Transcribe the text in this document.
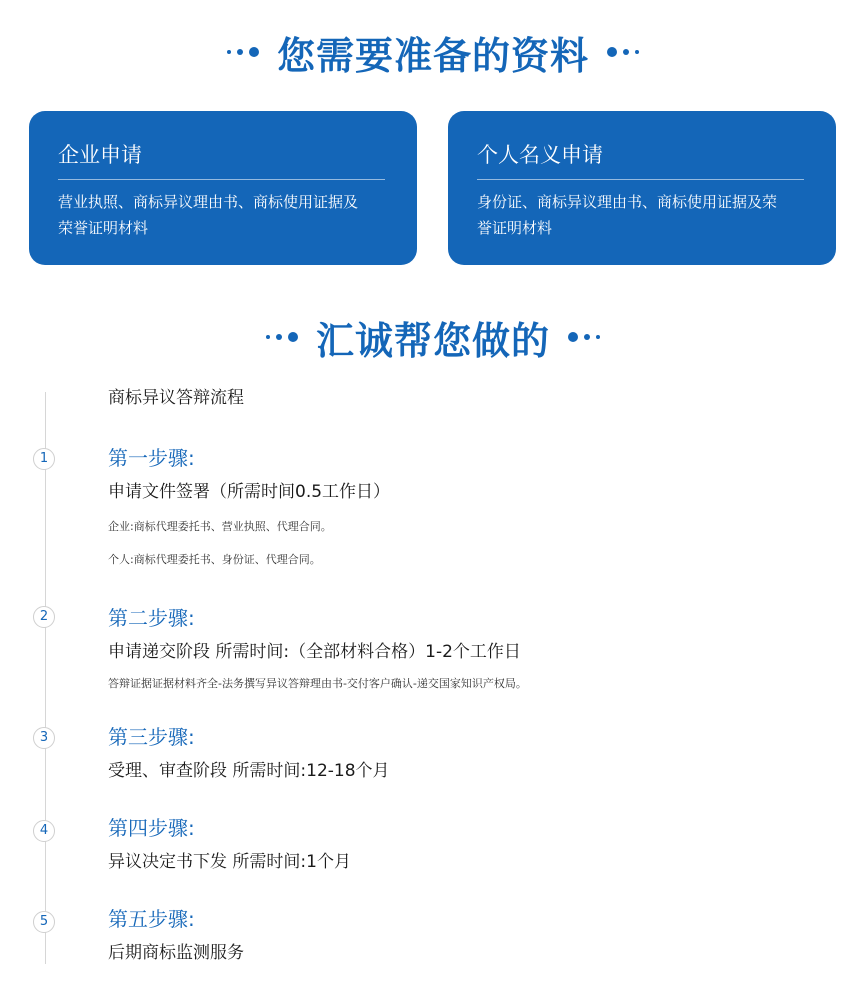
您需要准备的资料
企业申请
营业执照、商标异议理由书、商标使用证据及荣誉证明材料
个人名义申请
身份证、商标异议理由书、商标使用证据及荣誉证明材料
汇诚帮您做的
商标异议答辩流程
1	第一步骤:
申请文件签署（所需时间0.5工作日）
企业:商标代理委托书、营业执照、代理合同。
个人:商标代理委托书、身份证、代理合同。
2	第二步骤:
申请递交阶段 所需时间:（全部材料合格）1-2个工作日
答辩证据证据材料齐全-法务撰写异议答辩理由书-交付客户确认-递交国家知识产权局。
3	第三步骤:
受理、审查阶段 所需时间:12-18个月
4	第四步骤:
异议决定书下发 所需时间:1个月
5	第五步骤:
后期商标监测服务
